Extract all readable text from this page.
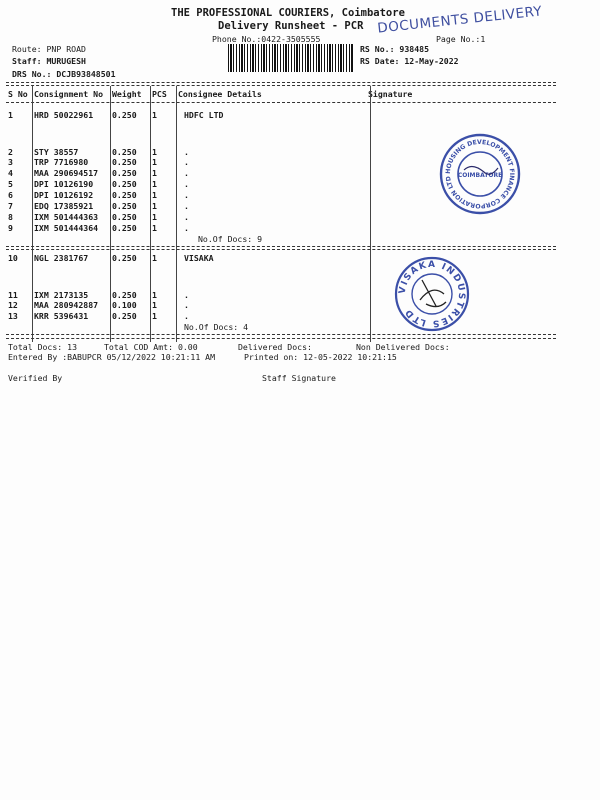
THE PROFESSIONAL COURIERS, Coimbatore
Delivery Runsheet - PCR
Phone No.:0422-3505555	Page No.:1
DOCUMENTS DELIVERY
Route: PNP ROAD
Staff: MURUGESH
DRS No.: DCJB93848501
RS No.: 938485
RS Date: 12-May-2022
S No Consignment No Weight PCS Consignee Details	Signature
1	HRD 50022961 0.250 1	HDFC LTD
2	STY 38557	0.250 1	.
3	TRP 7716980	0.250 1	.
4	MAA 290694517 0.250 1	.
5	DPI 10126190 0.250 1	.
6	DPI 10126192 0.250 1	.
7	EDQ 17385921 0.250 1	.
8	IXM 501444363 0.250 1	.
9	IXM 501444364 0.250 1	.
No.Of Docs: 9
10 NGL 2381767	0.250 1	VISAKA
11 IXM 2173135	0.250 1	.
12 MAA 280942887 0.100 1	.
13 KRR 5396431	0.250 1	.
No.Of Docs: 4
HOUSING DEVELOPMENT FINANCE CORPORATION LTD COIMBATORE
VISAKA INDUSTRIES LTD
Total Docs: 13	Total COD Amt: 0.00	Delivered Docs:	Non Delivered Docs:
Entered By :BABUPCR 05/12/2022 10:21:11 AM	Printed on: 12-05-2022 10:21:15
Verified By	Staff Signature
